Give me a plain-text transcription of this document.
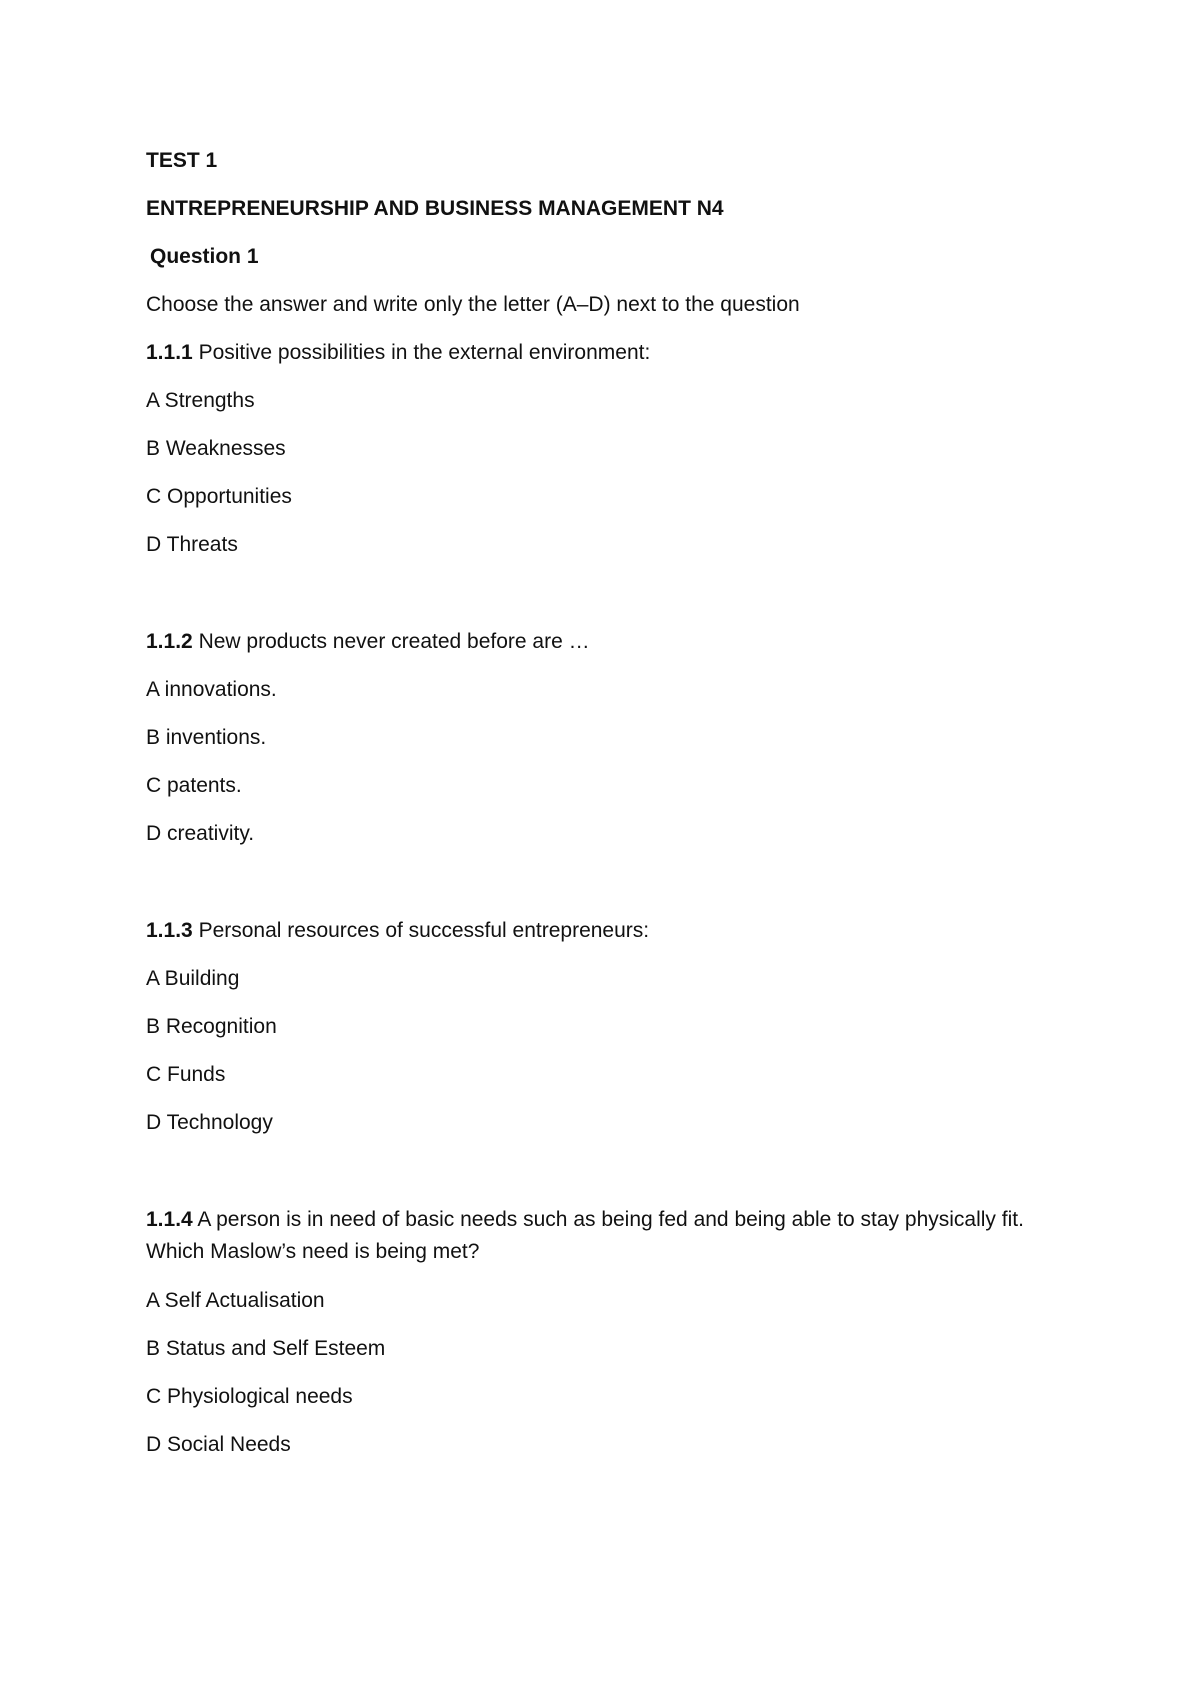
TEST 1
ENTREPRENEURSHIP AND BUSINESS MANAGEMENT N4
Question 1
Choose the answer and write only the letter (A–D) next to the question
1.1.1 Positive possibilities in the external environment:
A Strengths
B Weaknesses
C Opportunities
D Threats
1.1.2 New products never created before are …
A innovations.
B inventions.
C patents.
D creativity.
1.1.3 Personal resources of successful entrepreneurs:
A Building
B Recognition
C Funds
D Technology
1.1.4 A person is in need of basic needs such as being fed and being able to stay physically fit. Which Maslow’s need is being met?
A Self Actualisation
B Status and Self Esteem
C Physiological needs
D Social Needs
